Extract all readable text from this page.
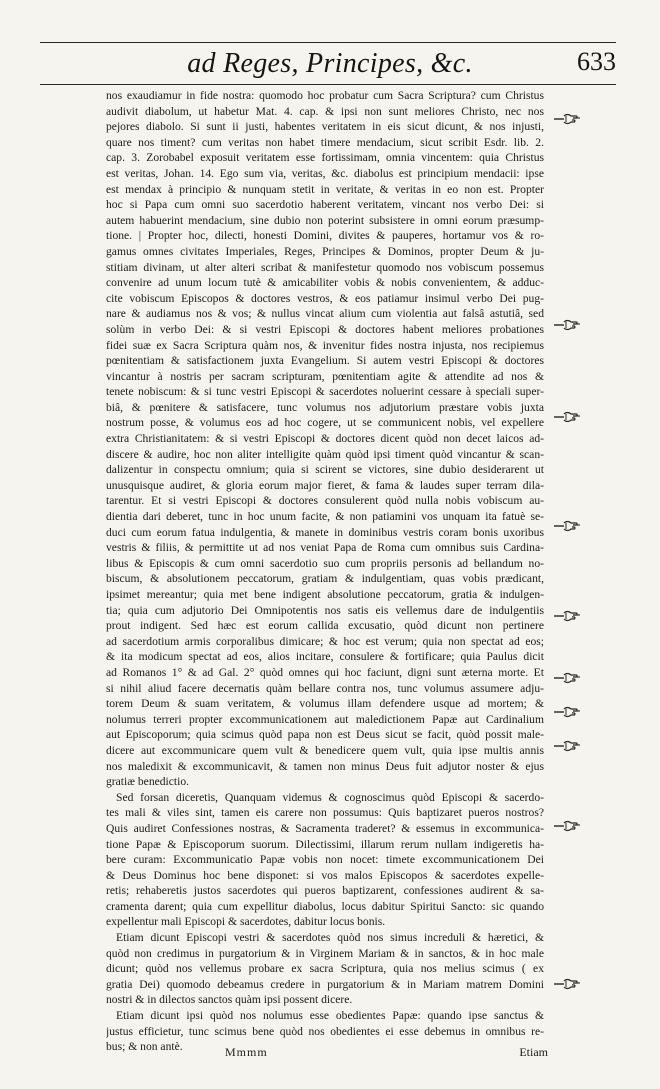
ad Reges, Principes, &c.	633
nos exaudiamur in fide nostra: quomodo hoc probatur cum Sacra Scriptura? cum Christus
audivit diabolum, ut habetur Mat. 4. cap. & ipsi non sunt meliores Christo, nec nos
pejores diabolo. Si sunt ii justi, habentes veritatem in eis sicut dicunt, & nos injusti,
quare nos timent? cum veritas non habet timere mendacium, sicut scribit Esdr. lib. 2.
cap. 3. Zorobabel exposuit veritatem esse fortissimam, omnia vincentem: quia Christus
est veritas, Johan. 14. Ego sum via, veritas, &c. diabolus est principium mendacii: ipse
est mendax à principio & nunquam stetit in veritate, & veritas in eo non est. Propter
hoc si Papa cum omni suo sacerdotio haberent veritatem, vincant nos verbo Dei: si
autem habuerint mendacium, sine dubio non poterint subsistere in omni eorum præsump-
tione. | Propter hoc, dilecti, honesti Domini, divites & pauperes, hortamur vos & ro-
gamus omnes civitates Imperiales, Reges, Principes & Dominos, propter Deum & ju-
stitiam divinam, ut alter alteri scribat & manifestetur quomodo nos vobiscum possemus
convenire ad unum locum tutè & amicabiliter vobis & nobis convenientem, & adduc-
cite vobiscum Episcopos & doctores vestros, & eos patiamur insimul verbo Dei pug-
nare & audiamus nos & vos; & nullus vincat alium cum violentia aut falsâ astutiâ, sed
solùm in verbo Dei: & si vestri Episcopi & doctores habent meliores probationes
fidei suæ ex Sacra Scriptura quàm nos, & invenitur fides nostra injusta, nos recipiemus
pœnitentiam & satisfactionem juxta Evangelium. Si autem vestri Episcopi & doctores
vincantur à nostris per sacram scripturam, pœnitentiam agite & attendite ad nos &
tenete nobiscum: & si tunc vestri Episcopi & sacerdotes noluerint cessare à speciali super-
biâ, & pœnitere & satisfacere, tunc volumus nos adjutorium præstare vobis juxta
nostrum posse, & volumus eos ad hoc cogere, ut se communicent nobis, vel expellere
extra Christianitatem: & si vestri Episcopi & doctores dicent quòd non decet laicos ad-
discere & audire, hoc non aliter intelligite quàm quòd ipsi timent quòd vincantur & scan-
dalizentur in conspectu omnium; quia si scirent se victores, sine dubio desiderarent ut
unusquisque audiret, & gloria eorum major fieret, & fama & laudes super terram dila-
tarentur. Et si vestri Episcopi & doctores consulerent quòd nulla nobis vobiscum au-
dientia dari deberet, tunc in hoc unum facite, & non patiamini vos unquam ita fatuè se-
duci cum eorum fatua indulgentia, & manete in dominibus vestris coram bonis uxoribus
vestris & filiis, & permittite ut ad nos veniat Papa de Roma cum omnibus suis Cardina-
libus & Episcopis & cum omni sacerdotio suo cum propriis personis ad bellandum no-
biscum, & absolutionem peccatorum, gratiam & indulgentiam, quas vobis prædicant,
ipsimet mereantur; quia met bene indigent absolutione peccatorum, gratia & indulgen-
tia; quia cum adjutorio Dei Omnipotentis nos satis eis vellemus dare de indulgentiis
prout indigent. Sed hæc est eorum callida excusatio, quòd dicunt non pertinere
ad sacerdotium armis corporalibus dimicare; & hoc est verum; quia non spectat ad eos;
& ita modicum spectat ad eos, alios incitare, consulere & fortificare; quia Paulus dicit
ad Romanos 1° & ad Gal. 2° quòd omnes qui hoc faciunt, digni sunt æterna morte. Et
si nihil aliud facere decernatis quàm bellare contra nos, tunc volumus assumere adju-
torem Deum & suam veritatem, & volumus illam defendere usque ad mortem; &
nolumus terreri propter excommunicationem aut maledictionem Papæ aut Cardinalium
aut Episcoporum; quia scimus quòd papa non est Deus sicut se facit, quòd possit male-
dicere aut excommunicare quem vult & benedicere quem vult, quia ipse multis annis
nos maledixit & excommunicavit, & tamen non minus Deus fuit adjutor noster & ejus
gratiæ benedictio.
Sed forsan diceretis, Quanquam videmus & cognoscimus quòd Episcopi & sacerdo-
tes mali & viles sint, tamen eis carere non possumus: Quis baptizaret pueros nostros?
Quis audiret Confessiones nostras, & Sacramenta traderet? & essemus in excommunica-
tione Papæ & Episcoporum suorum. Dilectissimi, illarum rerum nullam indigeretis ha-
bere curam: Excommunicatio Papæ vobis non nocet: timete excommunicationem Dei
& Deus Dominus hoc bene disponet: si vos malos Episcopos & sacerdotes expelle-
retis; rehaberetis justos sacerdotes qui pueros baptizarent, confessiones audirent & sa-
cramenta darent; quia cum expellitur diabolus, locus dabitur Spiritui Sancto: sic quando
expellentur mali Episcopi & sacerdotes, dabitur locus bonis.
Etiam dicunt Episcopi vestri & sacerdotes quòd nos simus increduli & hæretici, &
quòd non credimus in purgatorium & in Virginem Mariam & in sanctos, & in hoc male
dicunt; quòd nos vellemus probare ex sacra Scriptura, quia nos melius scimus ( ex
gratia Dei) quomodo debeamus credere in purgatorium & in Mariam matrem Domini
nostri & in dilectos sanctos quàm ipsi possent dicere.
Etiam dicunt ipsi quòd nos nolumus esse obedientes Papæ: quando ipse sanctus &
justus efficietur, tunc scimus bene quòd nos obedientes ei esse debemus in omnibus re-
bus; & non antè.	Mmmm	Etiam
